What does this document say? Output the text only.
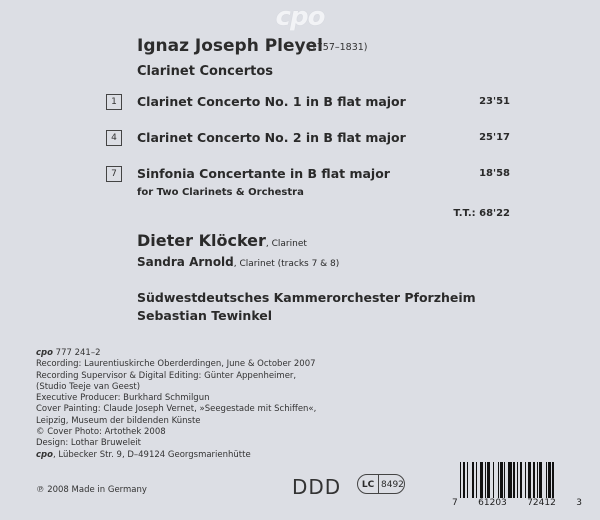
cpo
Ignaz Joseph Pleyel
(1757–1831)
Clarinet Concertos
1	Clarinet Concerto No. 1 in B flat major	23'51
4	Clarinet Concerto No. 2 in B flat major	25'17
7	Sinfonia Concertante in B flat major	18'58
for Two Clarinets & Orchestra
T.T.: 68'22
Dieter Klöcker, Clarinet
Sandra Arnold, Clarinet (tracks 7 & 8)
Südwestdeutsches Kammerorchester Pforzheim
Sebastian Tewinkel
cpo 777 241–2
Recording: Laurentiuskirche Oberderdingen, June & October 2007
Recording Supervisor & Digital Editing: Günter Appenheimer,
(Studio Teeje van Geest)
Executive Producer: Burkhard Schmilgun
Cover Painting: Claude Joseph Vernet, »Seegestade mit Schiffen«,
Leipzig, Museum der bildenden Künste
© Cover Photo: Artothek 2008
Design: Lothar Bruweleit
cpo, Lübecker Str. 9, D–49124 Georgsmarienhütte
℗ 2008 Made in Germany	DDD	LC 8492
7 61203 72412 3
